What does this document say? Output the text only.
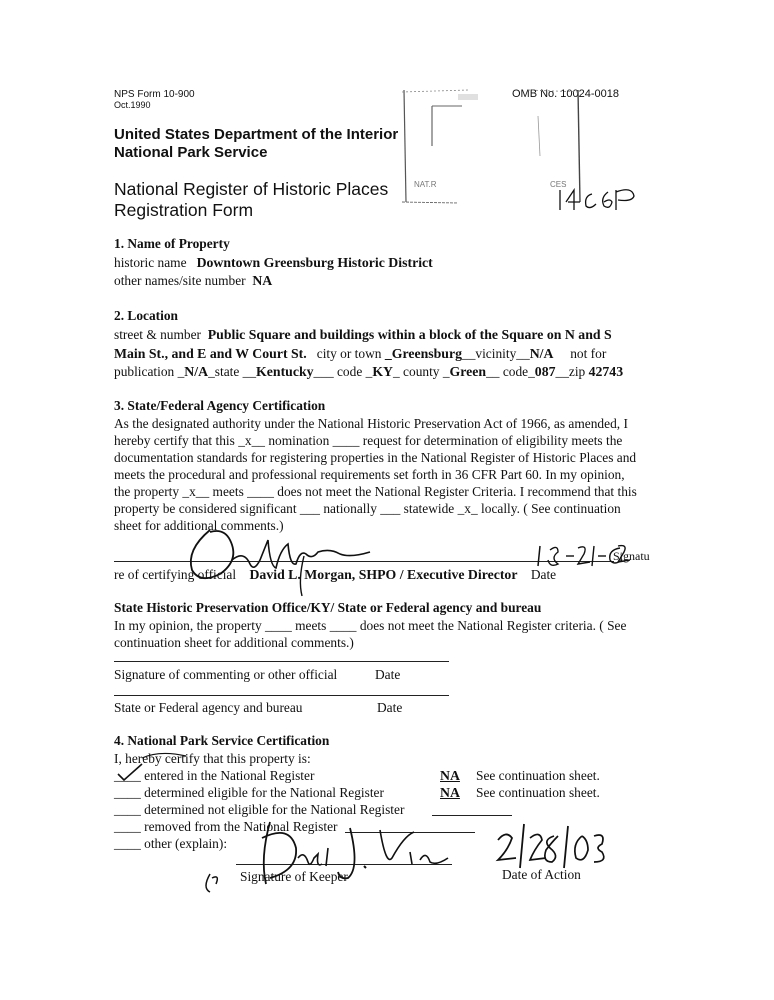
NPS Form 10-900
Oct.1990
OMB No. 10024-0018
United States Department of the Interior
National Park Service
National Register of Historic Places
Registration Form
NAT.R	CES
1. Name of Property
historic name Downtown Greensburg Historic District
other names/site number NA
2. Location
street & number Public Square and buildings within a block of the Square on N and S
Main St., and E and W Court St. city or town _Greensburg__vicinity__N/A not for
publication _N/A_state __Kentucky___ code _KY_ county _Green__ code_087__zip 42743
3. State/Federal Agency Certification
As the designated authority under the National Historic Preservation Act of 1966, as amended, I
hereby certify that this _x__ nomination ____ request for determination of eligibility meets the
documentation standards for registering properties in the National Register of Historic Places and
meets the procedural and professional requirements set forth in 36 CFR Part 60. In my opinion,
the property _x__ meets ____ does not meet the National Register Criteria. I recommend that this
property be considered significant ___ nationally ___ statewide _x_ locally. ( See continuation
sheet for additional comments.)
Signatu
re of certifying official David L. Morgan, SHPO / Executive Director Date
State Historic Preservation Office/KY/ State or Federal agency and bureau
In my opinion, the property ____ meets ____ does not meet the National Register criteria. ( See
continuation sheet for additional comments.)
Signature of commenting or other official	Date
State or Federal agency and bureau	Date
4. National Park Service Certification
I, hereby certify that this property is:
____ entered in the National Register	NA See continuation sheet.
____ determined eligible for the National Register	NA See continuation sheet.
____ determined not eligible for the National Register
____ removed from the National Register
____ other (explain):
Signature of Keeper	Date of Action
